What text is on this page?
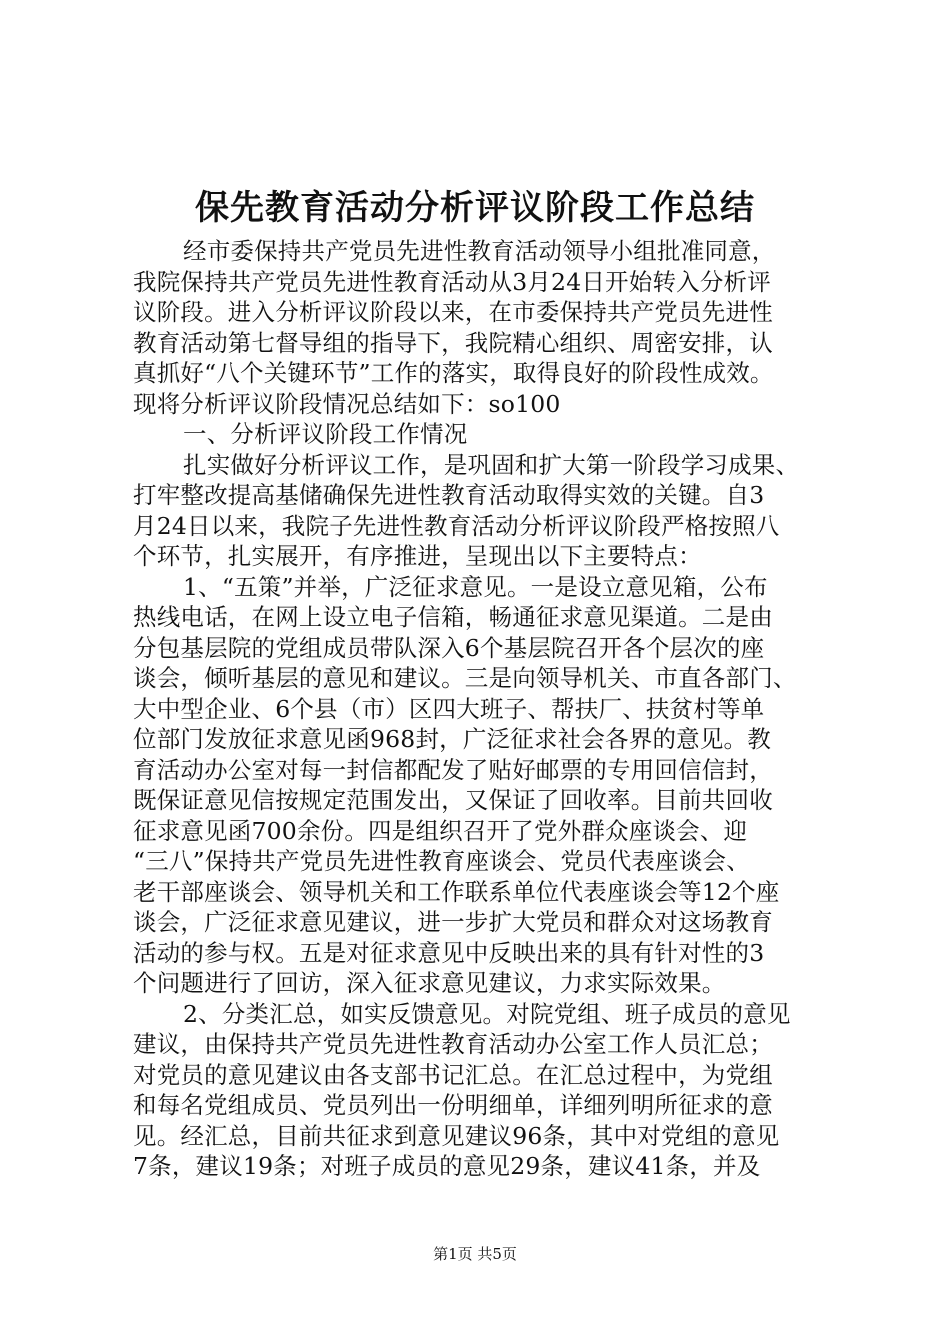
保先教育活动分析评议阶段工作总结
经市委保持共产党员先进性教育活动领导小组批准同意，
我院保持共产党员先进性教育活动从3月24日开始转入分析评
议阶段。进入分析评议阶段以来，在市委保持共产党员先进性
教育活动第七督导组的指导下，我院精心组织、周密安排，认
真抓好“八个关键环节”工作的落实，取得良好的阶段性成效。
现将分析评议阶段情况总结如下：so100
一、分析评议阶段工作情况
扎实做好分析评议工作，是巩固和扩大第一阶段学习成果、
打牢整改提高基储确保先进性教育活动取得实效的关键。自3
月24日以来，我院子先进性教育活动分析评议阶段严格按照八
个环节，扎实展开，有序推进，呈现出以下主要特点：
1、“五策”并举，广泛征求意见。一是设立意见箱，公布
热线电话，在网上设立电子信箱，畅通征求意见渠道。二是由
分包基层院的党组成员带队深入6个基层院召开各个层次的座
谈会，倾听基层的意见和建议。三是向领导机关、市直各部门、
大中型企业、6个县（市）区四大班子、帮扶厂、扶贫村等单
位部门发放征求意见函968封，广泛征求社会各界的意见。教
育活动办公室对每一封信都配发了贴好邮票的专用回信信封，
既保证意见信按规定范围发出，又保证了回收率。目前共回收
征求意见函700余份。四是组织召开了党外群众座谈会、迎
“三八”保持共产党员先进性教育座谈会、党员代表座谈会、
老干部座谈会、领导机关和工作联系单位代表座谈会等12个座
谈会，广泛征求意见建议，进一步扩大党员和群众对这场教育
活动的参与权。五是对征求意见中反映出来的具有针对性的3
个问题进行了回访，深入征求意见建议，力求实际效果。
2、分类汇总，如实反馈意见。对院党组、班子成员的意见
建议，由保持共产党员先进性教育活动办公室工作人员汇总；
对党员的意见建议由各支部书记汇总。在汇总过程中，为党组
和每名党组成员、党员列出一份明细单，详细列明所征求的意
见。经汇总，目前共征求到意见建议96条，其中对党组的意见
7条，建议19条；对班子成员的意见29条，建议41条，并及
第1页 共5页
